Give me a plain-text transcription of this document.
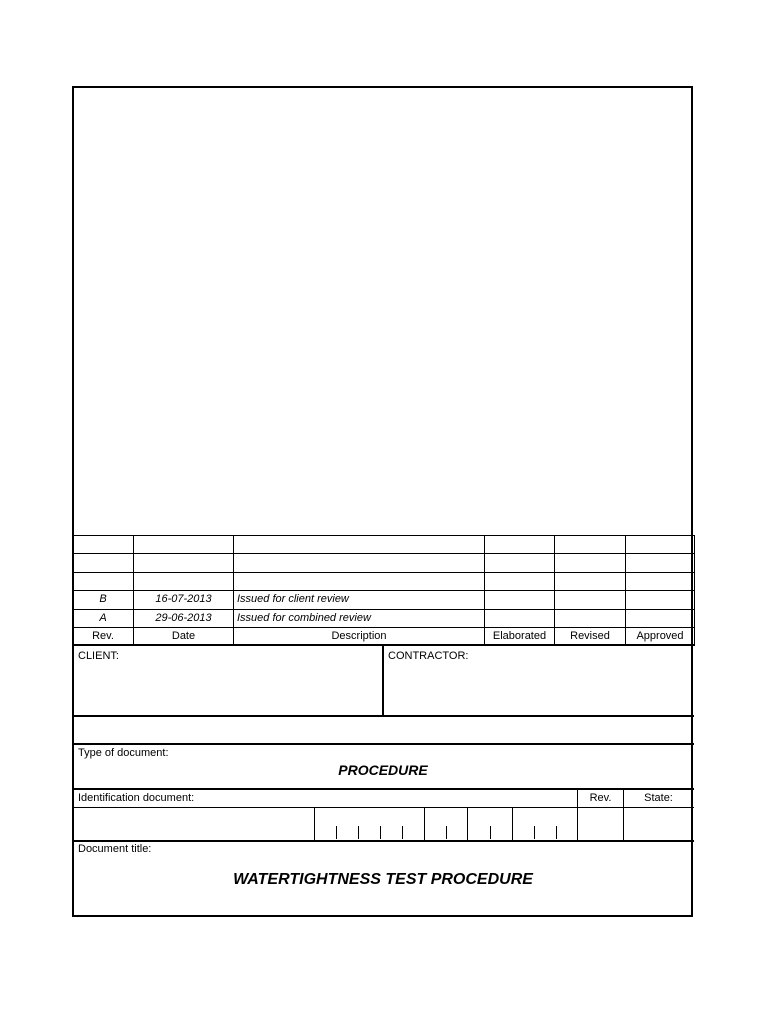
B	16-07-2013	Issued for client review			
A	29-06-2013	Issued for combined review			
Rev.	Date	Description	Elaborated	Revised	Approved
CLIENT:	CONTRACTOR:
Type of document:
PROCEDURE
Identification document:	Rev.	State:
Document title:
WATERTIGHTNESS TEST PROCEDURE
